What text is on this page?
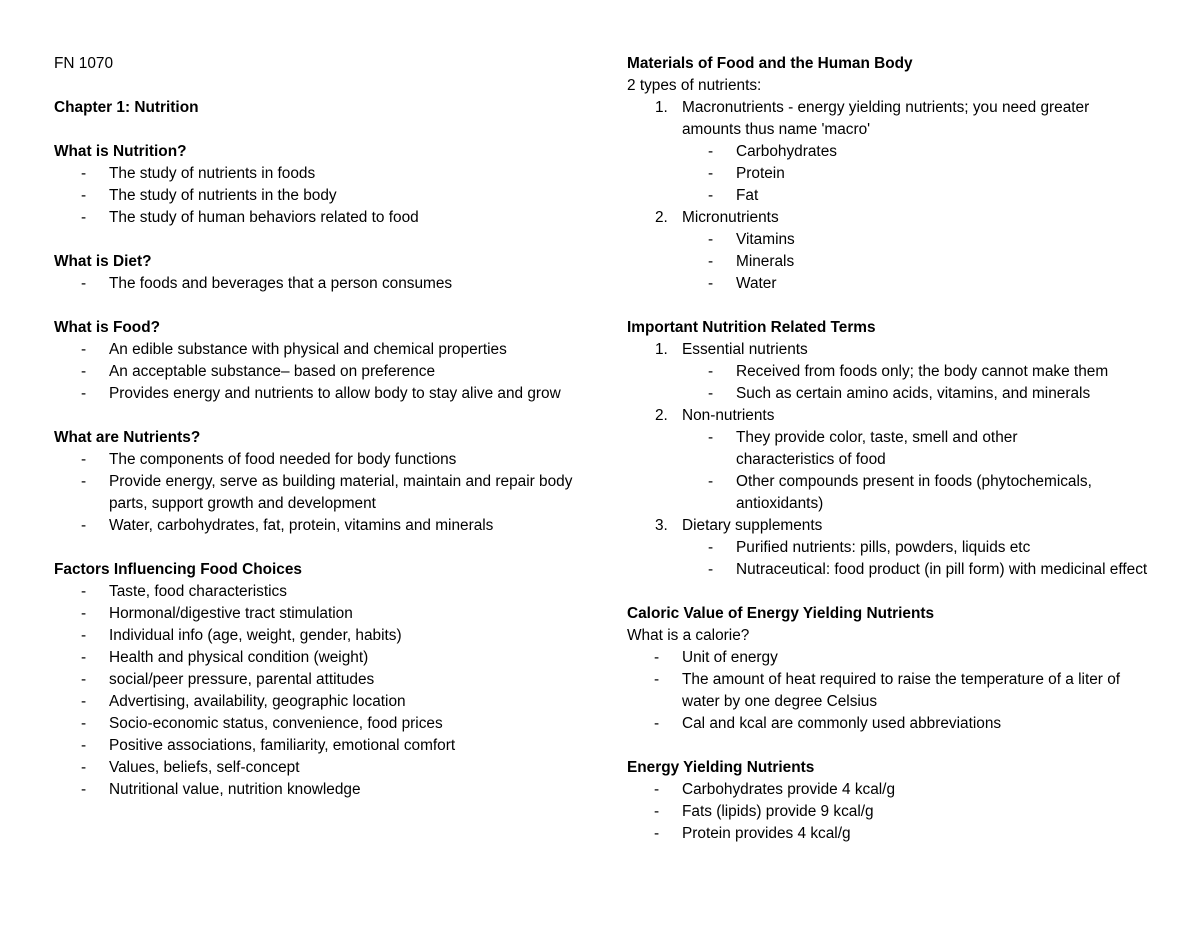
FN 1070
Chapter 1: Nutrition
What is Nutrition?
- The study of nutrients in foods
- The study of nutrients in the body
- The study of human behaviors related to food
What is Diet?
- The foods and beverages that a person consumes
What is Food?
- An edible substance with physical and chemical properties
- An acceptable substance– based on preference
- Provides energy and nutrients to allow body to stay alive and grow
What are Nutrients?
- The components of food needed for body functions
- Provide energy, serve as building material, maintain and repair body parts, support growth and development
- Water, carbohydrates, fat, protein, vitamins and minerals
Factors Influencing Food Choices
- Taste, food characteristics
- Hormonal/digestive tract stimulation
- Individual info (age, weight, gender, habits)
- Health and physical condition (weight)
- social/peer pressure, parental attitudes
- Advertising, availability, geographic location
- Socio-economic status, convenience, food prices
- Positive associations, familiarity, emotional comfort
- Values, beliefs, self-concept
- Nutritional value, nutrition knowledge
Materials of Food and the Human Body
2 types of nutrients:
1. Macronutrients - energy yielding nutrients; you need greater amounts thus name 'macro'
- Carbohydrates
- Protein
- Fat
2. Micronutrients
- Vitamins
- Minerals
- Water
Important Nutrition Related Terms
1. Essential nutrients
- Received from foods only; the body cannot make them
- Such as certain amino acids, vitamins, and minerals
2. Non-nutrients
- They provide color, taste, smell and other characteristics of food
- Other compounds present in foods (phytochemicals, antioxidants)
3. Dietary supplements
- Purified nutrients: pills, powders, liquids etc
- Nutraceutical: food product (in pill form) with medicinal effect
Caloric Value of Energy Yielding Nutrients
What is a calorie?
- Unit of energy
- The amount of heat required to raise the temperature of a liter of water by one degree Celsius
- Cal and kcal are commonly used abbreviations
Energy Yielding Nutrients
- Carbohydrates provide 4 kcal/g
- Fats (lipids) provide 9 kcal/g
- Protein provides 4 kcal/g
